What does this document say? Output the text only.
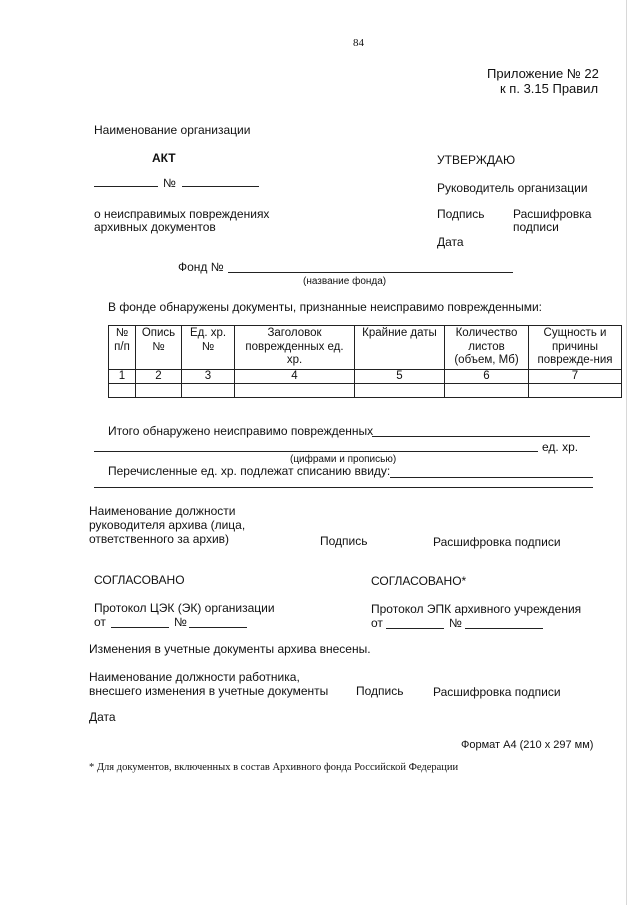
84
Приложение № 22
к п. 3.15 Правил
Наименование организации
АКТ
№
о неисправимых повреждениях
архивных документов
УТВЕРЖДАЮ
Руководитель организации
Подпись Расшифровка
подписи
Дата
Фонд №
(название фонда)
В фонде обнаружены документы, признанные неисправимо поврежденными:
№ п/п	Опись №	Ед. хр. №	Заголовок поврежденных ед. хр.	Крайние даты	Количество листов (объем, Мб)	Сущность и причины поврежде-ния
1	2	3	4	5	6	7

Итого обнаружено неисправимо поврежденных
ед. хр.
(цифрами и прописью)
Перечисленные ед. хр. подлежат списанию ввиду:
Наименование должности
руководителя архива (лица,
ответственного за архив)	Подпись	Расшифровка подписи
СОГЛАСОВАНО
Протокол ЦЭК (ЭК) организации
от	№
СОГЛАСОВАНО*
Протокол ЭПК архивного учреждения
от	№
Изменения в учетные документы архива внесены.
Наименование должности работника,
внесшего изменения в учетные документы Подпись Расшифровка подписи
Дата
Формат А4 (210 х 297 мм)
* Для документов, включенных в состав Архивного фонда Российской Федерации
